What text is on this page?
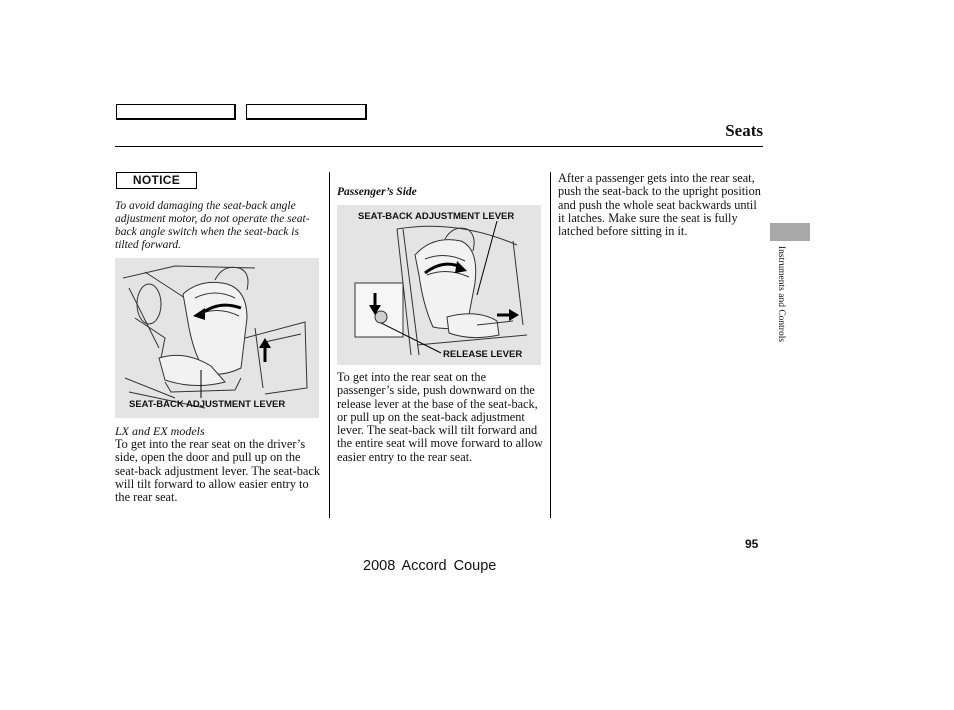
Seats
NOTICE
To avoid damaging the seat-back angle adjustment motor, do not operate the seat-back angle switch when the seat-back is tilted forward.
SEAT-BACK ADJUSTMENT LEVER
LX and EX models
To get into the rear seat on the driver’s side, open the door and pull up on the seat-back adjustment lever. The seat-back will tilt forward to allow easier entry to the rear seat.
Passenger’s Side
SEAT-BACK ADJUSTMENT LEVER
RELEASE LEVER
To get into the rear seat on the passenger’s side, push downward on the release lever at the base of the seat-back, or pull up on the seat-back adjustment lever. The seat-back will tilt forward and the entire seat will move forward to allow easier entry to the rear seat.
After a passenger gets into the rear seat, push the seat-back to the upright position and push the whole seat backwards until it latches. Make sure the seat is fully latched before sitting in it.
Instruments and Controls
95
2008 Accord Coupe
